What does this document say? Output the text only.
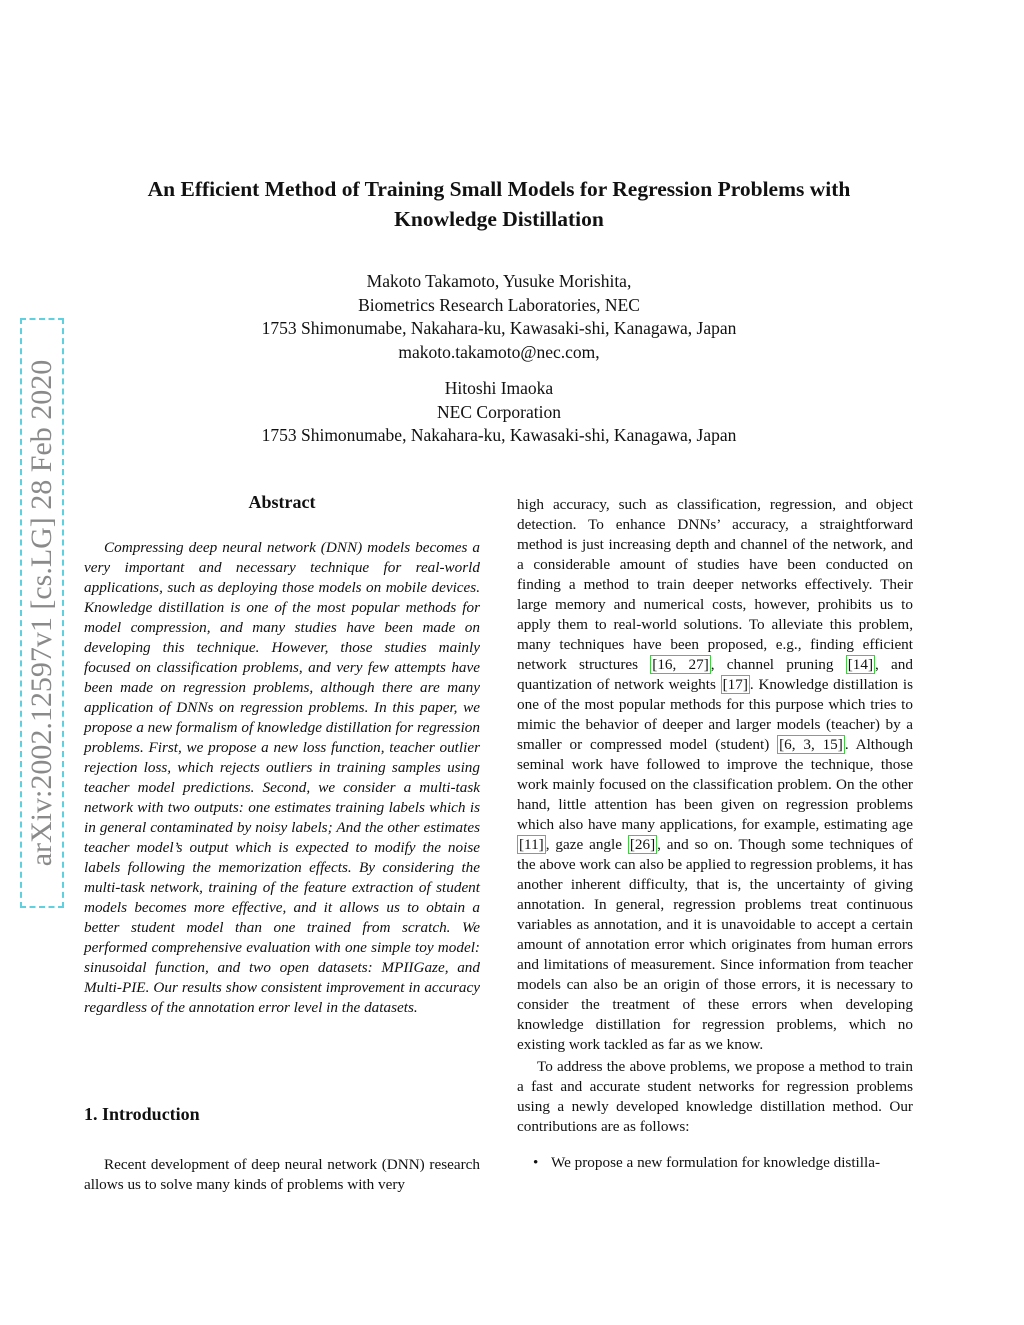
arXiv:2002.12597v1 [cs.LG] 28 Feb 2020
An Efficient Method of Training Small Models for Regression Problems with
Knowledge Distillation
Makoto Takamoto, Yusuke Morishita,
Biometrics Research Laboratories, NEC
1753 Shimonumabe, Nakahara-ku, Kawasaki-shi, Kanagawa, Japan
makoto.takamoto@nec.com,
Hitoshi Imaoka
NEC Corporation
1753 Shimonumabe, Nakahara-ku, Kawasaki-shi, Kanagawa, Japan
Abstract
Compressing deep neural network (DNN) models becomes a very important and necessary technique for real-world applications, such as deploying those models on mobile devices. Knowledge distillation is one of the most popular methods for model compression, and many studies have been made on developing this technique. However, those studies mainly focused on classification problems, and very few attempts have been made on regression problems, although there are many application of DNNs on regression problems. In this paper, we propose a new formalism of knowledge distillation for regression problems. First, we propose a new loss function, teacher outlier rejection loss, which rejects outliers in training samples using teacher model predictions. Second, we consider a multi-task network with two outputs: one estimates training labels which is in general contaminated by noisy labels; And the other estimates teacher model’s output which is expected to modify the noise labels following the memorization effects. By considering the multi-task network, training of the feature extraction of student models becomes more effective, and it allows us to obtain a better student model than one trained from scratch. We performed comprehensive evaluation with one simple toy model: sinusoidal function, and two open datasets: MPIIGaze, and Multi-PIE. Our results show consistent improvement in accuracy regardless of the annotation error level in the datasets.
1. Introduction
Recent development of deep neural network (DNN) research allows us to solve many kinds of problems with very

high accuracy, such as classification, regression, and object detection. To enhance DNNs’ accuracy, a straightforward method is just increasing depth and channel of the network, and a considerable amount of studies have been conducted on finding a method to train deeper networks effectively. Their large memory and numerical costs, however, prohibits us to apply them to real-world solutions. To alleviate this problem, many techniques have been proposed, e.g., finding efficient network structures [16, 27] , channel pruning [14] , and quantization of network weights [17] . Knowledge distillation is one of the most popular methods for this purpose which tries to mimic the behavior of deeper and larger models (teacher) by a smaller or compressed model (student) [6, 3, 15] . Although seminal work have followed to improve the technique, those work mainly focused on the classification problem. On the other hand, little attention has been given on regression problems which also have many applications, for example, estimating age [11] , gaze angle [26] , and so on. Though some techniques of the above work can also be applied to regression problems, it has another inherent difficulty, that is, the uncertainty of giving annotation. In general, regression problems treat continuous variables as annotation, and it is unavoidable to accept a certain amount of annotation error which originates from human errors and limitations of measurement. Since information from teacher models can also be an origin of those errors, it is necessary to consider the treatment of these errors when developing knowledge distillation for regression problems, which no existing work tackled as far as we know.

To address the above problems, we propose a method to train a fast and accurate student networks for regression problems using a newly developed knowledge distillation method. Our contributions are as follows:

• We propose a new formulation for knowledge distilla-
